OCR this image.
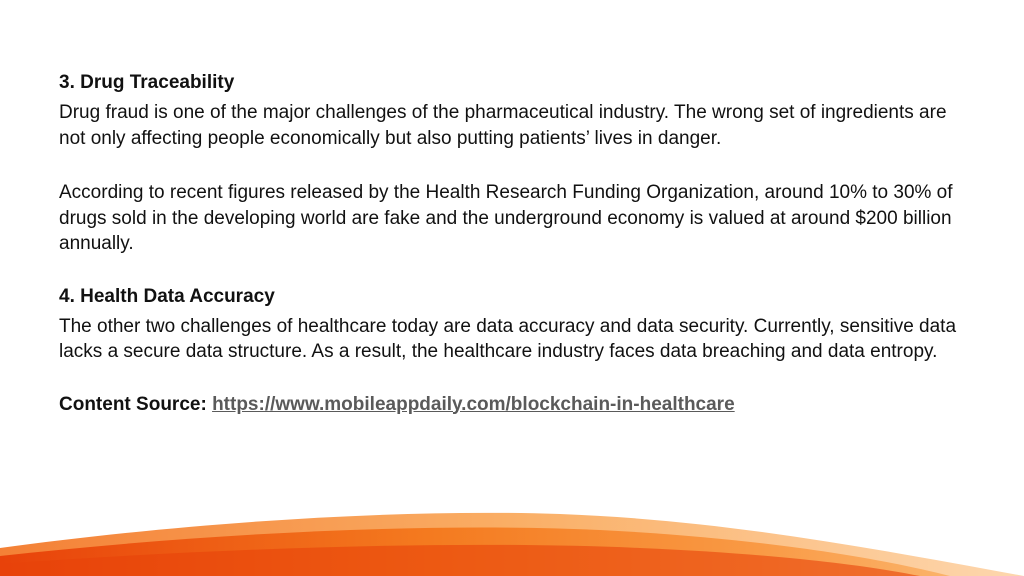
3. Drug Traceability

Drug fraud is one of the major challenges of the pharmaceutical industry. The wrong set of ingredients are not only affecting people economically but also putting patients’ lives in danger.

According to recent figures released by the Health Research Funding Organization, around 10% to 30% of drugs sold in the developing world are fake and the underground economy is valued at around $200 billion annually.

4. Health Data Accuracy

The other two challenges of healthcare today are data accuracy and data security. Currently, sensitive data lacks a secure data structure. As a result, the healthcare industry faces data breaching and data entropy.

Content Source: https://www.mobileappdaily.com/blockchain-in-healthcare
